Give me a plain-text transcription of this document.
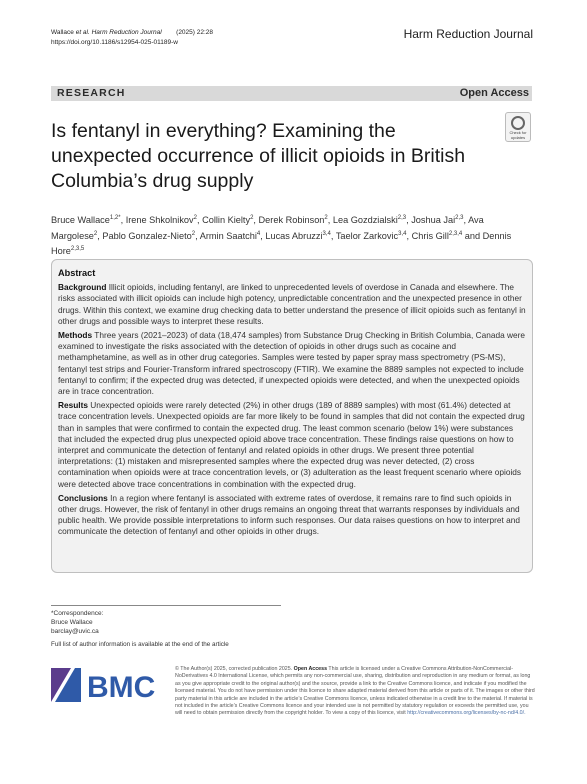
Wallace et al. Harm Reduction Journal (2025) 22:28
https://doi.org/10.1186/s12954-025-01189-w
Harm Reduction Journal
RESEARCH	Open Access
Is fentanyl in everything? Examining the unexpected occurrence of illicit opioids in British Columbia’s drug supply
Check for updates
Bruce Wallace$^{1,2*}$, Irene Shkolnikov$^2$, Collin Kielty$^2$, Derek Robinson$^2$, Lea Gozdzialski$^{2,3}$, Joshua Jai$^{2,3}$, Ava Margolese$^2$, Pablo Gonzalez-Nieto$^2$, Armin Saatchi$^4$, Lucas Abruzzi$^{3,4}$, Taelor Zarkovic$^{3,4}$, Chris Gill$^{2,3,4}$ and Dennis Hore$^{2,3,5}$
Abstract

Background Illicit opioids, including fentanyl, are linked to unprecedented levels of overdose in Canada and elsewhere. The risks associated with illicit opioids can include high potency, unpredictable concentration and the unexpected presence in other drugs. Within this context, we examine drug checking data to better understand the presence of illicit opioids such as fentanyl in other drugs and possible ways to interpret these results.

Methods Three years (2021–2023) of data (18,474 samples) from Substance Drug Checking in British Columbia, Canada were examined to investigate the risks associated with the detection of opioids in other drugs such as cocaine and methamphetamine, as well as in other drug categories. Samples were tested by paper spray mass spectrometry (PS-MS), fentanyl test strips and Fourier-Transform infrared spectroscopy (FTIR). We examine the 8889 samples not expected to include fentanyl to confirm; if the expected drug was detected, if unexpected opioids were detected, and when the unexpected opioids are in trace concentration.

Results Unexpected opioids were rarely detected (2%) in other drugs (189 of 8889 samples) with most (61.4%) detected at trace concentration levels. Unexpected opioids are far more likely to be found in samples that did not contain the expected drug than in samples that were confirmed to contain the expected drug. The least common scenario (below 1%) were substances that included the expected drug plus unexpected opioid above trace concentration. These findings raise questions on how to interpret and communicate the detection of fentanyl and related opioids in other drugs. We present three potential interpretations: (1) mistaken and misrepresented samples where the expected drug was never detected, (2) cross contamination when opioids were at trace concentration levels, or (3) adulteration as the least frequent scenario where opioids were detected above trace concentrations in combination with the expected drug.

Conclusions In a region where fentanyl is associated with extreme rates of overdose, it remains rare to find such opioids in other drugs. However, the risk of fentanyl in other drugs remains an ongoing threat that warrants responses by individuals and public health. We provide possible interpretations to inform such responses. Our data raises questions on how to interpret and communicate the detection of fentanyl and other opioids in other drugs.

*Correspondence:
Bruce Wallace
barclay@uvic.ca
Full list of author information is available at the end of the article
BMC
© The Author(s) 2025, corrected publication 2025. Open Access This article is licensed under a Creative Commons Attribution-NonCommercial-NoDerivatives 4.0 International License, which permits any non-commercial use, sharing, distribution and reproduction in any medium or format, as long as you give appropriate credit to the original author(s) and the source, provide a link to the Creative Commons licence, and indicate if you modified the licensed material. You do not have permission under this licence to share adapted material derived from this article or parts of it. The images or other third party material in this article are included in the article’s Creative Commons licence, unless indicated otherwise in a credit line to the material. If material is not included in the article’s Creative Commons licence and your intended use is not permitted by statutory regulation or exceeds the permitted use, you will need to obtain permission directly from the copyright holder. To view a copy of this licence, visit http://creativecommons.org/licenses/by-nc-nd/4.0/.
